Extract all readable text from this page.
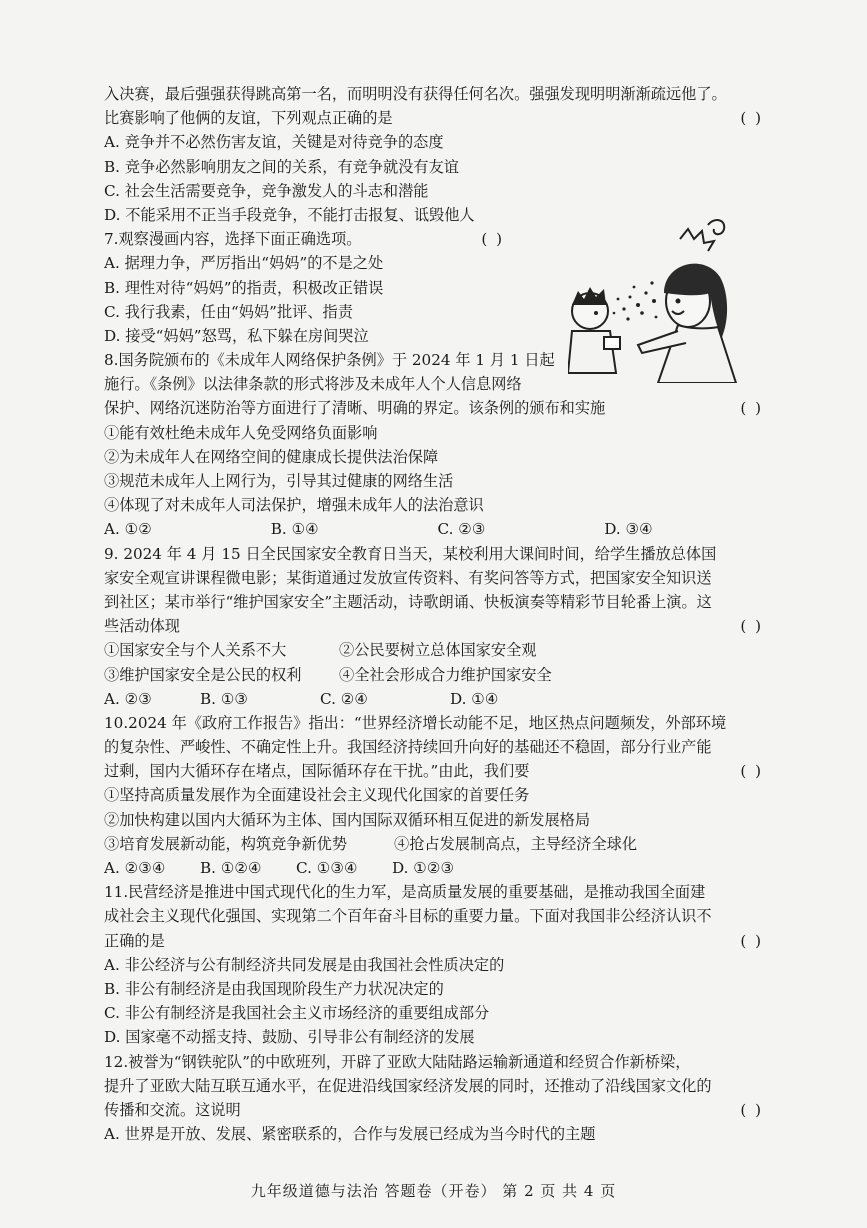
入决赛，最后强强获得跳高第一名，而明明没有获得任何名次。强强发现明明渐渐疏远他了。
比赛影响了他俩的友谊，下列观点正确的是	( )
A. 竞争并不必然伤害友谊，关键是对待竞争的态度
B. 竞争必然影响朋友之间的关系，有竞争就没有友谊
C. 社会生活需要竞争，竞争激发人的斗志和潜能
D. 不能采用不正当手段竞争，不能打击报复、诋毁他人
7.观察漫画内容，选择下面正确选项。	( )
A. 据理力争，严厉指出“妈妈”的不是之处
B. 理性对待“妈妈”的指责，积极改正错误
C. 我行我素，任由“妈妈”批评、指责
D. 接受“妈妈”怒骂，私下躲在房间哭泣
8.国务院颁布的《未成年人网络保护条例》于 2024 年 1 月 1 日起
施行。《条例》以法律条款的形式将涉及未成年人个人信息网络
保护、网络沉迷防治等方面进行了清晰、明确的界定。该条例的颁布和实施	( )
①能有效杜绝未成年人免受网络负面影响
②为未成年人在网络空间的健康成长提供法治保障
③规范未成年人上网行为，引导其过健康的网络生活
④体现了对未成年人司法保护，增强未成年人的法治意识
A. ①②	B. ①④	C. ②③	D. ③④
9. 2024 年 4 月 15 日全民国家安全教育日当天，某校利用大课间时间，给学生播放总体国
家安全观宣讲课程微电影；某街道通过发放宣传资料、有奖问答等方式，把国家安全知识送
到社区；某市举行“维护国家安全”主题活动，诗歌朗诵、快板演奏等精彩节目轮番上演。这
些活动体现	( )
①国家安全与个人关系不大	②公民要树立总体国家安全观
③维护国家安全是公民的权利 ④全社会形成合力维护国家安全
A. ②③	B. ①③	C. ②④	D. ①④
10.2024 年《政府工作报告》指出：“世界经济增长动能不足，地区热点问题频发，外部环境
的复杂性、严峻性、不确定性上升。我国经济持续回升向好的基础还不稳固，部分行业产能
过剩，国内大循环存在堵点，国际循环存在干扰。”由此，我们要	( )
①坚持高质量发展作为全面建设社会主义现代化国家的首要任务
②加快构建以国内大循环为主体、国内国际双循环相互促进的新发展格局
③培育发展新动能，构筑竞争新优势	④抢占发展制高点，主导经济全球化
A. ②③④	B. ①②④	C. ①③④	D. ①②③
11.民营经济是推进中国式现代化的生力军，是高质量发展的重要基础，是推动我国全面建
成社会主义现代化强国、实现第二个百年奋斗目标的重要力量。下面对我国非公经济认识不
正确的是	( )
A. 非公经济与公有制经济共同发展是由我国社会性质决定的
B. 非公有制经济是由我国现阶段生产力状况决定的
C. 非公有制经济是我国社会主义市场经济的重要组成部分
D. 国家毫不动摇支持、鼓励、引导非公有制经济的发展
12.被誉为“钢铁驼队”的中欧班列，开辟了亚欧大陆陆路运输新通道和经贸合作新桥梁，
提升了亚欧大陆互联互通水平，在促进沿线国家经济发展的同时，还推动了沿线国家文化的
传播和交流。这说明	( )
A. 世界是开放、发展、紧密联系的，合作与发展已经成为当今时代的主题
九年级道德与法治 答题卷（开卷） 第 2 页 共 4 页
